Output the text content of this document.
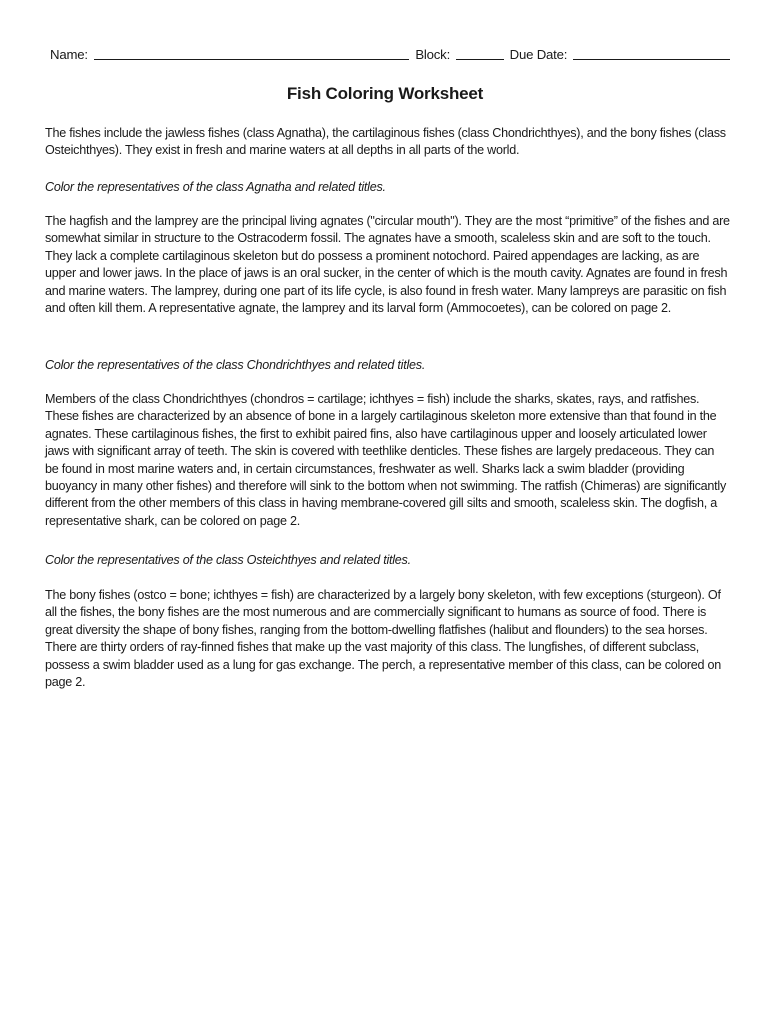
Name:	Block:	Due Date:
Fish Coloring Worksheet

The fishes include the jawless fishes (class Agnatha), the cartilaginous fishes (class Chondrichthyes), and the bony fishes (class Osteichthyes). They exist in fresh and marine waters at all depths in all parts of the world.

Color the representatives of the class Agnatha and related titles.

The hagfish and the lamprey are the principal living agnates ("circular mouth"). They are the most “primitive” of the fishes and are somewhat similar in structure to the Ostracoderm fossil. The agnates have a smooth, scaleless skin and are soft to the touch. They lack a complete cartilaginous skeleton but do possess a prominent notochord. Paired appendages are lacking, as are upper and lower jaws. In the place of jaws is an oral sucker, in the center of which is the mouth cavity. Agnates are found in fresh and marine waters. The lamprey, during one part of its life cycle, is also found in fresh water. Many lampreys are parasitic on fish and often kill them. A representative agnate, the lamprey and its larval form (Ammocoetes), can be colored on page 2.

Color the representatives of the class Chondrichthyes and related titles.

Members of the class Chondrichthyes (chondros = cartilage; ichthyes = fish) include the sharks, skates, rays, and ratfishes. These fishes are characterized by an absence of bone in a largely cartilaginous skeleton more extensive than that found in the agnates. These cartilaginous fishes, the first to exhibit paired fins, also have cartilaginous upper and loosely articulated lower jaws with significant array of teeth. The skin is covered with teethlike denticles. These fishes are largely predaceous. They can be found in most marine waters and, in certain circumstances, freshwater as well. Sharks lack a swim bladder (providing buoyancy in many other fishes) and therefore will sink to the bottom when not swimming. The ratfish (Chimeras) are significantly different from the other members of this class in having membrane-covered gill silts and smooth, scaleless skin. The dogfish, a representative shark, can be colored on page 2.

Color the representatives of the class Osteichthyes and related titles.

The bony fishes (ostco = bone; ichthyes = fish) are characterized by a largely bony skeleton, with few exceptions (sturgeon). Of all the fishes, the bony fishes are the most numerous and are commercially significant to humans as source of food. There is great diversity the shape of bony fishes, ranging from the bottom-dwelling flatfishes (halibut and flounders) to the sea horses. There are thirty orders of ray-finned fishes that make up the vast majority of this class. The lungfishes, of different subclass, possess a swim bladder used as a lung for gas exchange. The perch, a representative member of this class, can be colored on page 2.
